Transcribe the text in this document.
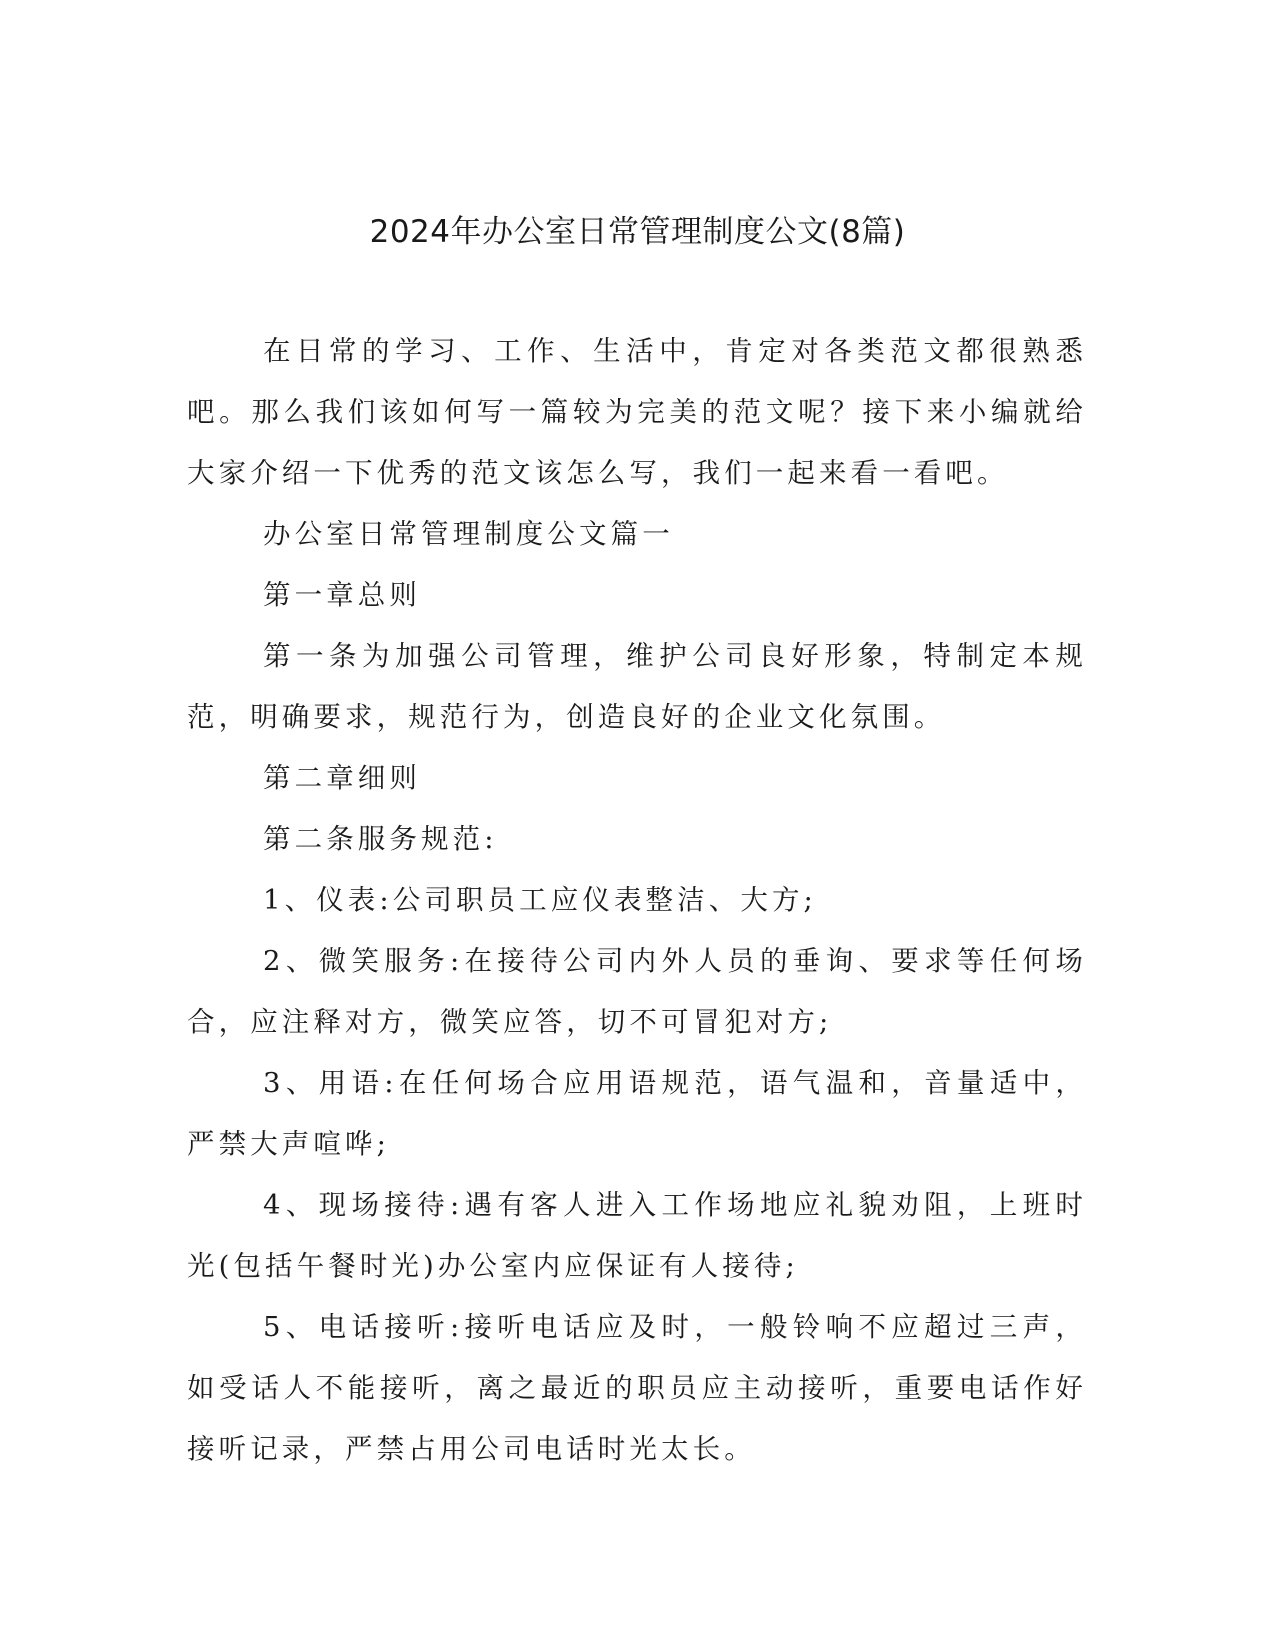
2024年办公室日常管理制度公文(8篇)

在日常的学习、工作、生活中，肯定对各类范文都很熟悉吧。那么我们该如何写一篇较为完美的范文呢？接下来小编就给大家介绍一下优秀的范文该怎么写，我们一起来看一看吧。

办公室日常管理制度公文篇一

第一章总则

第一条为加强公司管理，维护公司良好形象，特制定本规范，明确要求，规范行为，创造良好的企业文化氛围。

第二章细则

第二条服务规范:

1、仪表:公司职员工应仪表整洁、大方;

2、微笑服务:在接待公司内外人员的垂询、要求等任何场合，应注释对方，微笑应答，切不可冒犯对方;

3、用语:在任何场合应用语规范，语气温和，音量适中，严禁大声喧哗;

4、现场接待:遇有客人进入工作场地应礼貌劝阻，上班时光(包括午餐时光)办公室内应保证有人接待;

5、电话接听:接听电话应及时，一般铃响不应超过三声，如受话人不能接听，离之最近的职员应主动接听，重要电话作好接听记录，严禁占用公司电话时光太长。
